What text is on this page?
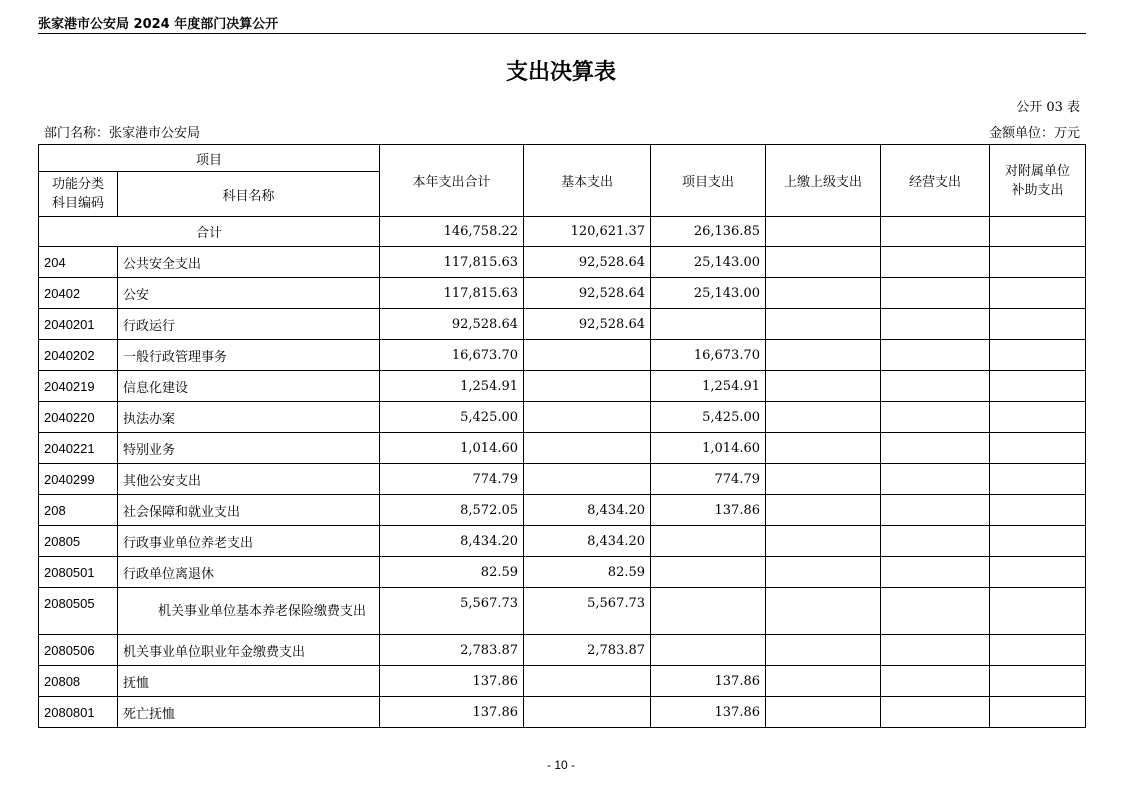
张家港市公安局 2024 年度部门决算公开
支出决算表
公开 03 表
部门名称：张家港市公安局	金额单位：万元
项目		本年支出合计	基本支出	项目支出	上缴上级支出	经营支出	对附属单位
补助支出
功能分类
科目编码	科目名称						
合计		146,758.22	120,621.37	26,136.85			
204	公共安全支出	117,815.63	92,528.64	25,143.00			
20402	公安	117,815.63	92,528.64	25,143.00			
2040201	行政运行	92,528.64	92,528.64				
2040202	一般行政管理事务	16,673.70		16,673.70			
2040219	信息化建设	1,254.91		1,254.91			
2040220	执法办案	5,425.00		5,425.00			
2040221	特别业务	1,014.60		1,014.60			
2040299	其他公安支出	774.79		774.79			
208	社会保障和就业支出	8,572.05	8,434.20	137.86			
20805	行政事业单位养老支出	8,434.20	8,434.20				
2080501	行政单位离退休	82.59	82.59				
2080505	机关事业单位基本养老保险缴费支出	5,567.73	5,567.73				
2080506	机关事业单位职业年金缴费支出	2,783.87	2,783.87				
20808	抚恤	137.86		137.86			
2080801	死亡抚恤	137.86		137.86			
- 10 -
